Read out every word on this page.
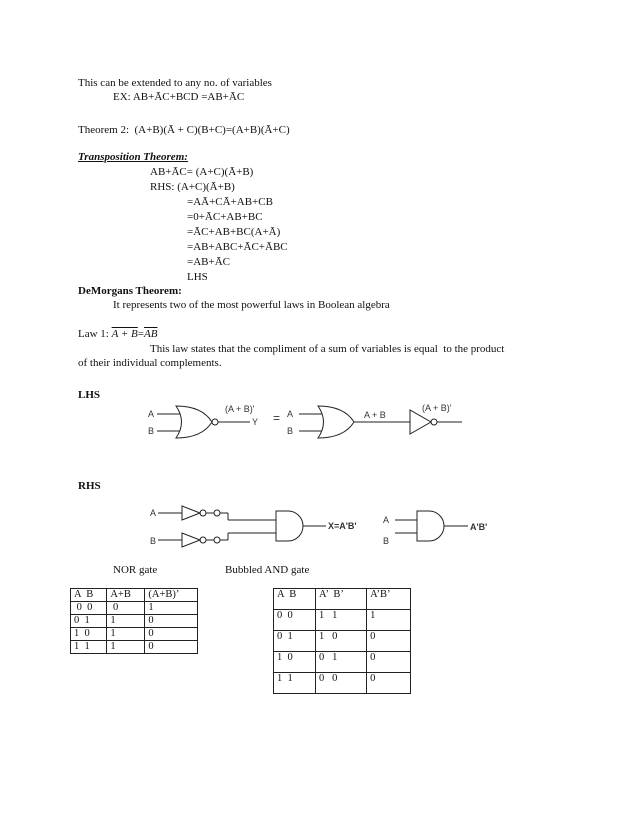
This can be extended to any no. of variables
EX: AB+ĀC+BCD =AB+ĀC
Theorem 2:  (A+B)(Ā + C)(B+C)=(A+B)(Ā+C)
Transposition Theorem:
AB+ĀC= (A+C)(Ā+B)
RHS: (A+C)(Ā+B)
=AĀ+CĀ+AB+CB
=0+ĀC+AB+BC
=ĀC+AB+BC(A+Ā)
=AB+ABC+ĀC+ĀBC
=AB+ĀC
LHS
DeMorgans Theorem:
It represents two of the most powerful laws in Boolean algebra
Law 1: $A + B=\overline{AB}$
This law states that the compliment of a sum of variables is equal  to the product
of their individual complements.
LHS
A
B
(A + B)'
Y = A
B
A + B
(A + B)'
RHS
A
B
X=A'B'
A
B
A'B'
NOR gate	Bubbled AND gate
A  B	A+B	(A+B)’
0  0	0	1
0  1	1	0
1  0	1	0
1  1	1	0
A  B	A’  B’	A’B’
0  0	1   1	1
0  1	1   0	0
1  0	0   1	0
1  1	0   0	0
